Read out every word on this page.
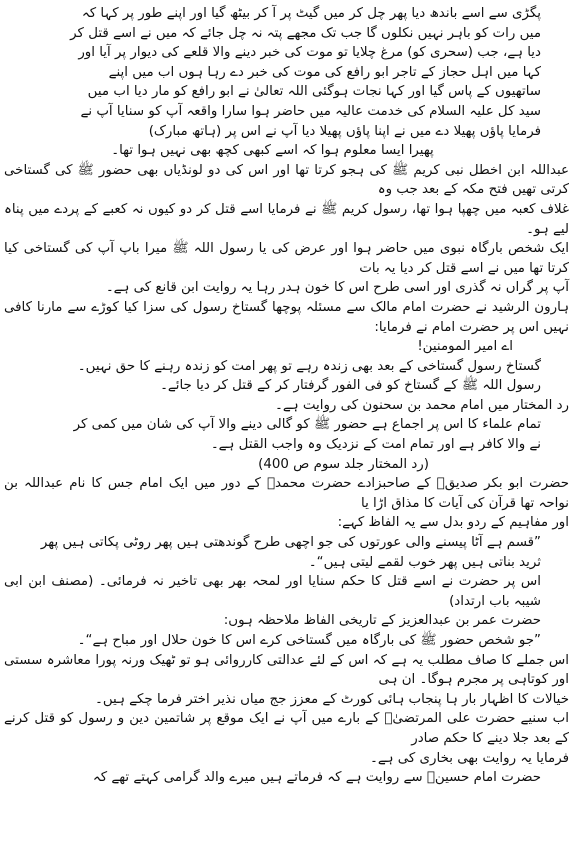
پگڑی سے اسے باندھ دیا پھر چل کر میں گیٹ پر آ کر بیٹھ گیا اور اپنے طور پر کہا کہ

میں رات کو باہر نہیں نکلوں گا جب تک مجھے پتہ نہ چل جائے کہ میں نے اسے قتل کر

دیا ہے، جب (سحری کو) مرغ چلایا تو موت کی خبر دینے والا قلعے کی دیوار پر آیا اور

کہا میں اہل حجاز کے تاجر ابو رافع کی موت کی خبر دے رہا ہوں اب میں اپنے

ساتھیوں کے پاس گیا اور کہا نجات ہوگئی اللہ تعالیٰ نے ابو رافع کو مار دیا اب میں

سید کل علیہ السلام کی خدمت عالیہ میں حاضر ہوا سارا واقعہ آپ کو سنایا آپ نے

فرمایا پاؤں پھیلا دے میں نے اپنا پاؤں پھیلا دیا آپ نے اس پر (ہاتھ مبارک)

پھیرا ایسا معلوم ہوا کہ اسے کبھی کچھ بھی نہیں ہوا تھا۔

عبداللہ ابن اخطل نبی کریم ﷺ کی ہجو کرتا تھا اور اس کی دو لونڈیاں بھی حضور ﷺ کی گستاخی کرتی تھیں فتح مکہ کے بعد جب وہ

غلاف کعبہ میں چھپا ہوا تھا، رسول کریم ﷺ نے فرمایا اسے قتل کر دو کیوں نہ کعبے کے پردے میں پناہ لیے ہو۔

ایک شخص بارگاہ نبوی میں حاضر ہوا اور عرض کی یا رسول اللہ ﷺ میرا باپ آپ کی گستاخی کیا کرتا تھا میں نے اسے قتل کر دیا یہ بات

آپ پر گراں نہ گذری اور اسی طرح اس کا خون ہدر رہا یہ روایت ابن قانع کی ہے۔

ہارون الرشید نے حضرت امام مالک سے مسئلہ پوچھا گستاخ رسول کی سزا کیا کوڑے سے مارنا کافی نہیں اس پر حضرت امام نے فرمایا:

اے امیر المومنین!

گستاخ رسول گستاخی کے بعد بھی زندہ رہے تو پھر امت کو زندہ رہنے کا حق نہیں۔

رسول اللہ ﷺ کے گستاخ کو فی الفور گرفتار کر کے قتل کر دیا جائے۔

رد المختار میں امام محمد بن سحنون کی روایت ہے۔

تمام علماء کا اس پر اجماع ہے حضور ﷺ کو گالی دینے والا آپ کی شان میں کمی کر

نے والا کافر ہے اور تمام امت کے نزدیک وہ واجب القتل ہے۔

(رد المختار جلد سوم ص 400)

حضرت ابو بکر صدیقؓ کے صاحبزادے حضرت محمدؓ کے دور میں ایک امام جس کا نام عبداللہ بن نواحہ تھا قرآن کی آیات کا مذاق اڑا یا

اور مفاہیم کے ردو بدل سے یہ الفاظ کہے:

”قسم ہے آٹا پیسنے والی عورتوں کی جو اچھی طرح گوندھتی ہیں پھر روٹی پکاتی ہیں پھر

ثرید بناتی ہیں پھر خوب لقمے لیتی ہیں“۔

اس پر حضرت نے اسے قتل کا حکم سنایا اور لمحہ بھر بھی تاخیر نہ فرمائی۔ (مصنف ابن ابی شیبہ باب ارتداد)

حضرت عمر بن عبدالعزیز کے تاریخی الفاظ ملاحظہ ہوں:

”جو شخص حضور ﷺ کی بارگاہ میں گستاخی کرے اس کا خون حلال اور مباح ہے“۔

اس جملے کا صاف مطلب یہ ہے کہ اس کے لئے عدالتی کارروائی ہو تو ٹھیک ورنہ پورا معاشرہ سستی اور کوتاہی پر مجرم ہوگا۔ ان ہی

خیالات کا اظہار بار ہا پنجاب ہائی کورٹ کے معزز جج میاں نذیر اختر فرما چکے ہیں۔

اب سنیے حضرت علی المرتضیٰؓ کے بارے میں آپ نے ایک موقع پر شاتمین دین و رسول کو قتل کرنے کے بعد جلا دینے کا حکم صادر

فرمایا یہ روایت بھی بخاری کی ہے۔

حضرت امام حسینؓ سے روایت ہے کہ فرماتے ہیں میرے والد گرامی کہتے تھے کہ
